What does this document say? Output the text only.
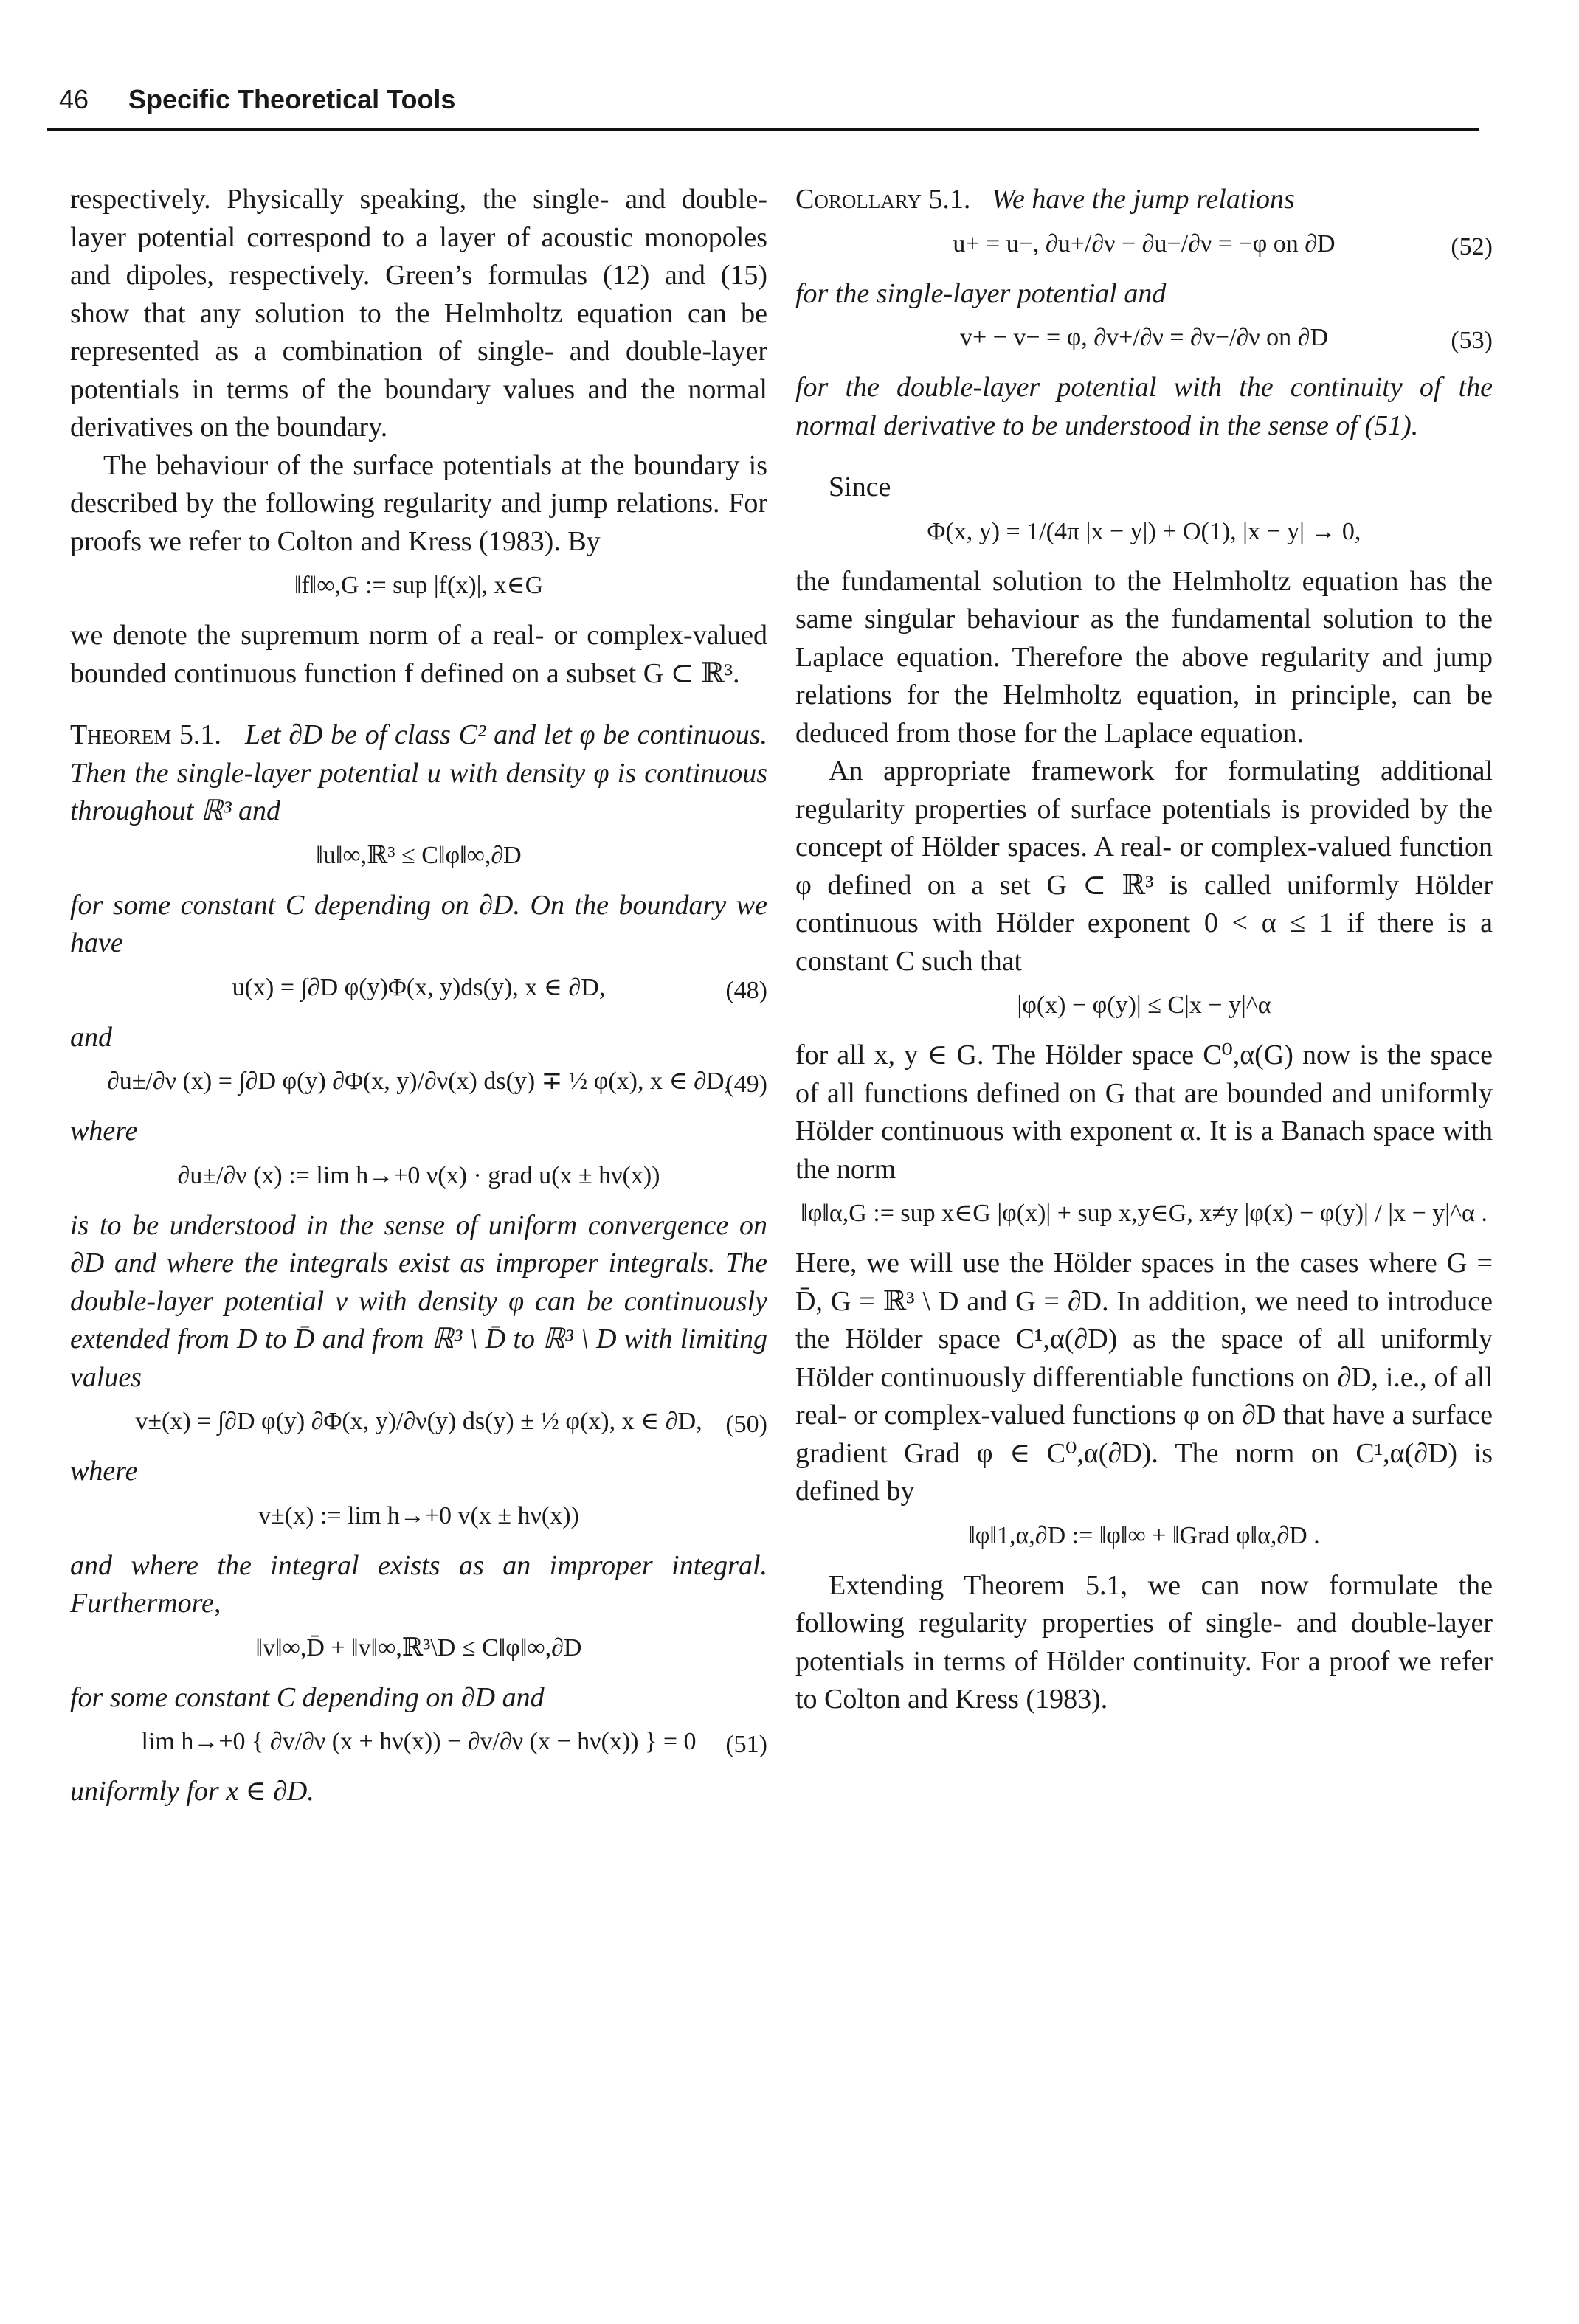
46 Specific Theoretical Tools

respectively. Physically speaking, the single- and double-layer potential correspond to a layer of acoustic monopoles and dipoles, respectively. Green’s formulas (12) and (15) show that any solution to the Helmholtz equation can be represented as a combination of single- and double-layer potentials in terms of the boundary values and the normal derivatives on the boundary.

The behaviour of the surface potentials at the boundary is described by the following regularity and jump relations. For proofs we refer to Colton and Kress (1983). By

‖f‖∞,G := sup |f(x)|, x∈G

we denote the supremum norm of a real- or complex-valued bounded continuous function f defined on a subset G ⊂ ℝ³.

Theorem 5.1. Let ∂D be of class C² and let φ be continuous. Then the single-layer potential u with density φ is continuous throughout ℝ³ and

‖u‖∞,ℝ³ ≤ C‖φ‖∞,∂D

for some constant C depending on ∂D. On the boundary we have

u(x) = ∫∂D φ(y)Φ(x, y)ds(y), x ∈ ∂D,	(48)

and

∂u±/∂ν (x) = ∫∂D φ(y) ∂Φ(x, y)/∂ν(x) ds(y) ∓ ½ φ(x), x ∈ ∂D,
(49)

where

∂u±/∂ν (x) := lim h→+0 ν(x) · grad u(x ± hν(x))

is to be understood in the sense of uniform convergence on ∂D and where the integrals exist as improper integrals. The double-layer potential v with density φ can be continuously extended from D to D̄ and from ℝ³ \ D̄ to ℝ³ \ D with limiting values

v±(x) = ∫∂D φ(y) ∂Φ(x, y)/∂ν(y) ds(y) ± ½ φ(x), x ∈ ∂D, (50)

where

v±(x) := lim h→+0 v(x ± hν(x))

and where the integral exists as an improper integral. Furthermore,

‖v‖∞,D̄ + ‖v‖∞,ℝ³\D ≤ C‖φ‖∞,∂D

for some constant C depending on ∂D and

lim h→+0 { ∂v/∂ν (x + hν(x)) − ∂v/∂ν (x − hν(x)) } = 0 (51)

uniformly for x ∈ ∂D.

Corollary 5.1. We have the jump relations

u+ = u−, ∂u+/∂ν − ∂u−/∂ν = −φ on ∂D	(52)

for the single-layer potential and

v+ − v− = φ, ∂v+/∂ν = ∂v−/∂ν on ∂D	(53)

for the double-layer potential with the continuity of the normal derivative to be understood in the sense of (51).

Since

Φ(x, y) = 1/(4π |x − y|) + O(1), |x − y| → 0,

the fundamental solution to the Helmholtz equation has the same singular behaviour as the fundamental solution to the Laplace equation. Therefore the above regularity and jump relations for the Helmholtz equation, in principle, can be deduced from those for the Laplace equation.

An appropriate framework for formulating additional regularity properties of surface potentials is provided by the concept of Hölder spaces. A real- or complex-valued function φ defined on a set G ⊂ ℝ³ is called uniformly Hölder continuous with Hölder exponent 0 < α ≤ 1 if there is a constant C such that

|φ(x) − φ(y)| ≤ C|x − y|^α

for all x, y ∈ G. The Hölder space C⁰,α(G) now is the space of all functions defined on G that are bounded and uniformly Hölder continuous with exponent α. It is a Banach space with the norm

‖φ‖α,G := sup x∈G |φ(x)| + sup x,y∈G, x≠y |φ(x) − φ(y)| / |x − y|^α .

Here, we will use the Hölder spaces in the cases where G = D̄, G = ℝ³ \ D and G = ∂D. In addition, we need to introduce the Hölder space C¹,α(∂D) as the space of all uniformly Hölder continuously differentiable functions on ∂D, i.e., of all real- or complex-valued functions φ on ∂D that have a surface gradient Grad φ ∈ C⁰,α(∂D). The norm on C¹,α(∂D) is defined by

‖φ‖1,α,∂D := ‖φ‖∞ + ‖Grad φ‖α,∂D .

Extending Theorem 5.1, we can now formulate the following regularity properties of single- and double-layer potentials in terms of Hölder continuity. For a proof we refer to Colton and Kress (1983).
